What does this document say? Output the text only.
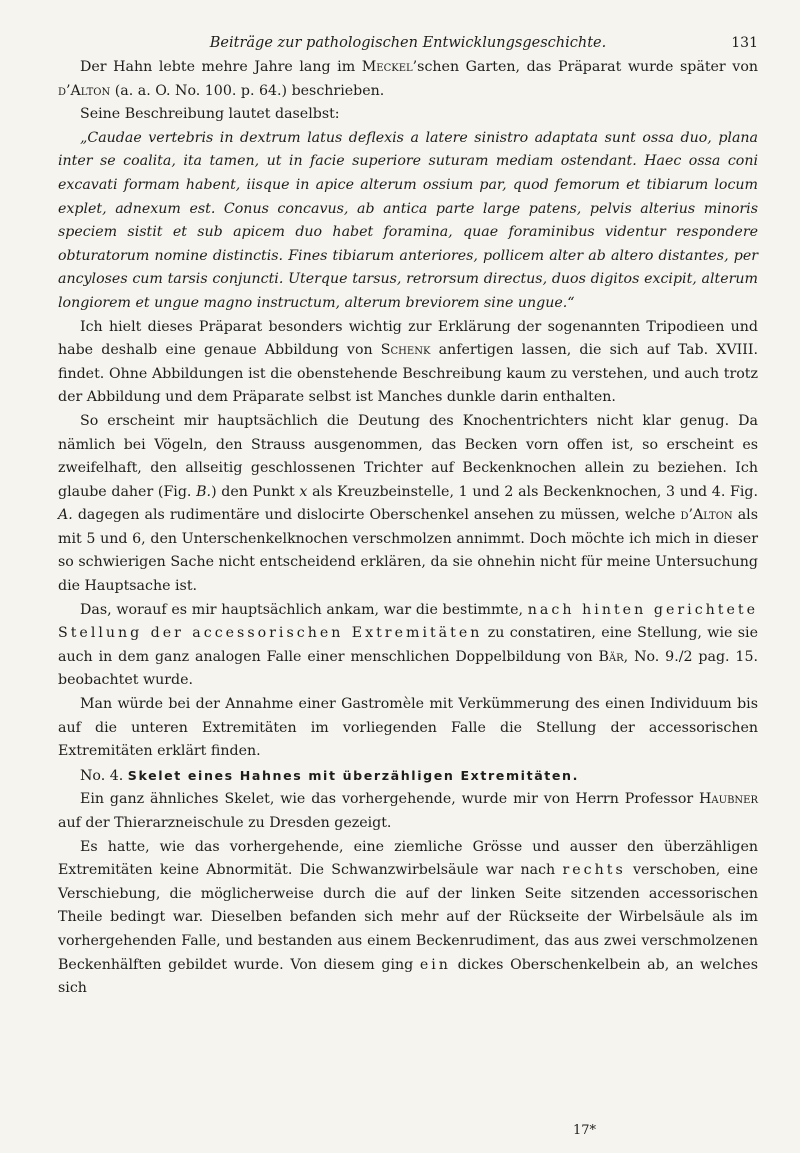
Beiträge zur pathologischen Entwicklungsgeschichte.	131

Der Hahn lebte mehre Jahre lang im Meckel’schen Garten, das Präparat wurde später von d’Alton (a. a. O. No. 100. p. 64.) beschrieben.

Seine Beschreibung lautet daselbst:

„Caudae vertebris in dextrum latus deflexis a latere sinistro adaptata sunt ossa duo, plana inter se coalita, ita tamen, ut in facie superiore suturam mediam ostendant. Haec ossa coni excavati formam habent, iisque in apice alterum ossium par, quod femorum et tibiarum locum explet, adnexum est. Conus concavus, ab antica parte large patens, pelvis alterius minoris speciem sistit et sub apicem duo habet foramina, quae foraminibus videntur respondere obturatorum nomine distinctis. Fines tibiarum anteriores, pollicem alter ab altero distantes, per ancyloses cum tarsis conjuncti. Uterque tarsus, retrorsum directus, duos digitos excipit, alterum longiorem et ungue magno instructum, alterum breviorem sine ungue.“

Ich hielt dieses Präparat besonders wichtig zur Erklärung der sogenannten Tripodieen und habe deshalb eine genaue Abbildung von Schenk anfertigen lassen, die sich auf Tab. XVIII. findet. Ohne Abbildungen ist die obenstehende Beschreibung kaum zu verstehen, und auch trotz der Abbildung und dem Präparate selbst ist Manches dunkle darin enthalten.

So erscheint mir hauptsächlich die Deutung des Knochentrichters nicht klar genug. Da nämlich bei Vögeln, den Strauss ausgenommen, das Becken vorn offen ist, so erscheint es zweifelhaft, den allseitig geschlossenen Trichter auf Beckenknochen allein zu beziehen. Ich glaube daher (Fig. B.) den Punkt x als Kreuzbeinstelle, 1 und 2 als Beckenknochen, 3 und 4. Fig. A. dagegen als rudimentäre und dislocirte Oberschenkel ansehen zu müssen, welche d’Alton als mit 5 und 6, den Unterschenkelknochen verschmolzen annimmt. Doch möchte ich mich in dieser so schwierigen Sache nicht entscheidend erklären, da sie ohnehin nicht für meine Untersuchung die Hauptsache ist.

Das, worauf es mir hauptsächlich ankam, war die bestimmte, nach hinten gerichtete Stellung der accessorischen Extremitäten zu constatiren, eine Stellung, wie sie auch in dem ganz analogen Falle einer menschlichen Doppelbildung von Bär, No. 9./2 pag. 15. beobachtet wurde.

Man würde bei der Annahme einer Gastromèle mit Verkümmerung des einen Individuum bis auf die unteren Extremitäten im vorliegenden Falle die Stellung der accessorischen Extremitäten erklärt finden.

No. 4. Skelet eines Hahnes mit überzähligen Extremitäten.

Ein ganz ähnliches Skelet, wie das vorhergehende, wurde mir von Herrn Professor Haubner auf der Thierarzneischule zu Dresden gezeigt.

Es hatte, wie das vorhergehende, eine ziemliche Grösse und ausser den überzähligen Extremitäten keine Abnormität. Die Schwanzwirbelsäule war nach rechts verschoben, eine Verschiebung, die möglicherweise durch die auf der linken Seite sitzenden accessorischen Theile bedingt war. Dieselben befanden sich mehr auf der Rückseite der Wirbelsäule als im vorhergehenden Falle, und bestanden aus einem Beckenrudiment, das aus zwei verschmolzenen Beckenhälften gebildet wurde. Von diesem ging ein dickes Oberschenkelbein ab, an welches sich

17*
